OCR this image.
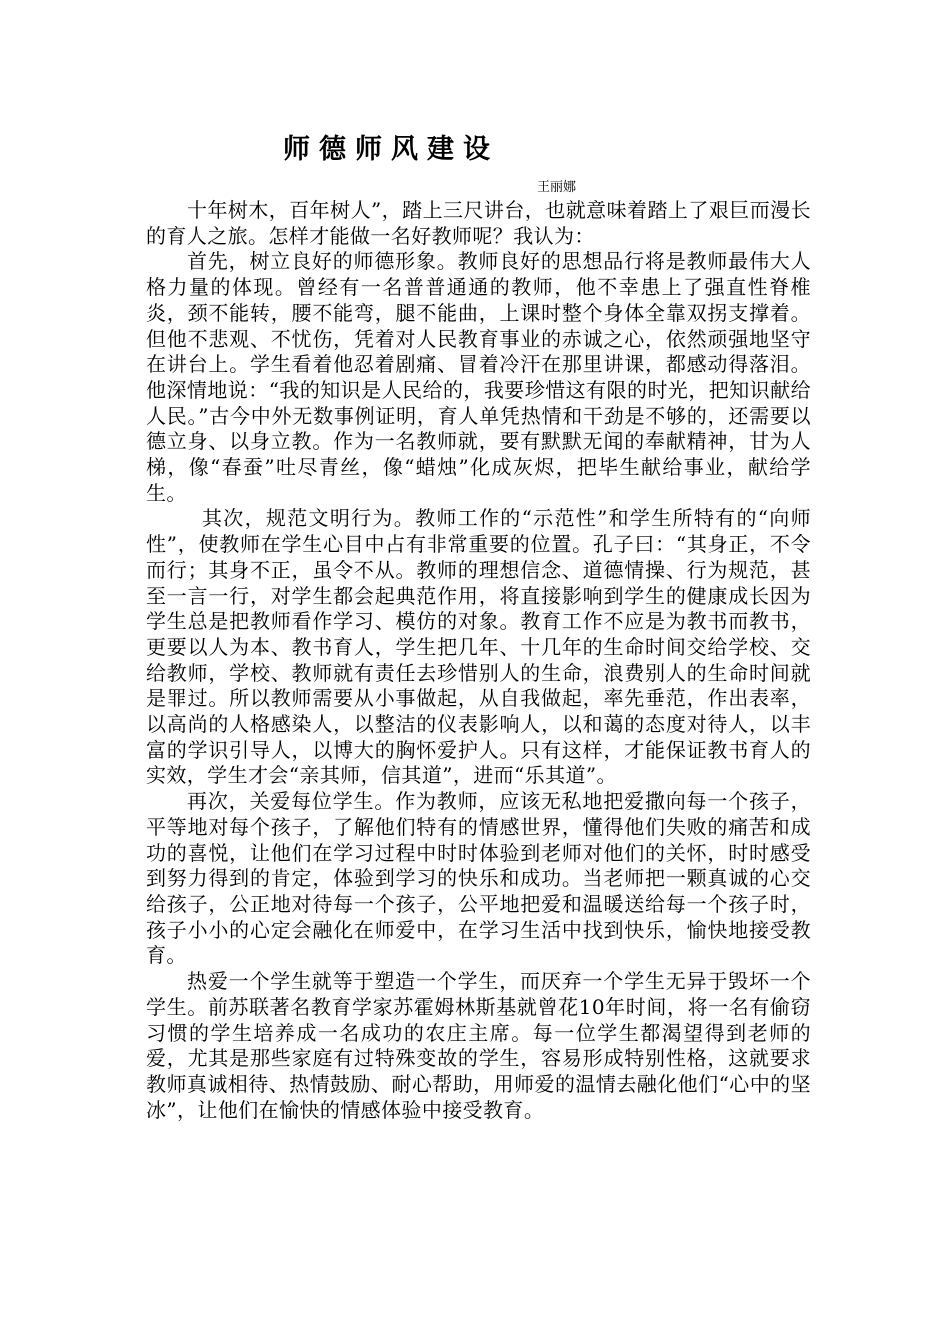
师德师风建设
王丽娜

十年树木，百年树人”，踏上三尺讲台，也就意味着踏上了艰巨而漫长的育人之旅。怎样才能做一名好教师呢？我认为：

首先，树立良好的师德形象。教师良好的思想品行将是教师最伟大人格力量的体现。曾经有一名普普通通的教师，他不幸患上了强直性脊椎炎，颈不能转，腰不能弯，腿不能曲，上课时整个身体全靠双拐支撑着。但他不悲观、不忧伤，凭着对人民教育事业的赤诚之心，依然顽强地坚守在讲台上。学生看着他忍着剧痛、冒着冷汗在那里讲课，都感动得落泪。他深情地说：“我的知识是人民给的，我要珍惜这有限的时光，把知识献给人民。”古今中外无数事例证明，育人单凭热情和干劲是不够的，还需要以德立身、以身立教。作为一名教师就，要有默默无闻的奉献精神，甘为人梯，像“春蚕”吐尽青丝，像“蜡烛”化成灰烬，把毕生献给事业，献给学生。

其次，规范文明行为。教师工作的“示范性”和学生所特有的“向师性”，使教师在学生心目中占有非常重要的位置。孔子曰：“其身正，不令而行；其身不正，虽令不从。教师的理想信念、道德情操、行为规范，甚至一言一行，对学生都会起典范作用，将直接影响到学生的健康成长因为学生总是把教师看作学习、模仿的对象。教育工作不应是为教书而教书，更要以人为本、教书育人，学生把几年、十几年的生命时间交给学校、交给教师，学校、教师就有责任去珍惜别人的生命，浪费别人的生命时间就是罪过。所以教师需要从小事做起，从自我做起，率先垂范，作出表率，以高尚的人格感染人，以整洁的仪表影响人，以和蔼的态度对待人，以丰富的学识引导人，以博大的胸怀爱护人。只有这样，才能保证教书育人的实效，学生才会“亲其师，信其道”，进而“乐其道”。

再次，关爱每位学生。作为教师，应该无私地把爱撒向每一个孩子，平等地对每个孩子，了解他们特有的情感世界，懂得他们失败的痛苦和成功的喜悦，让他们在学习过程中时时体验到老师对他们的关怀，时时感受到努力得到的肯定，体验到学习的快乐和成功。当老师把一颗真诚的心交给孩子，公正地对待每一个孩子，公平地把爱和温暖送给每一个孩子时，孩子小小的心定会融化在师爱中，在学习生活中找到快乐，愉快地接受教育。

热爱一个学生就等于塑造一个学生，而厌弃一个学生无异于毁坏一个学生。前苏联著名教育学家苏霍姆林斯基就曾花10年时间，将一名有偷窃习惯的学生培养成一名成功的农庄主席。每一位学生都渴望得到老师的爱，尤其是那些家庭有过特殊变故的学生，容易形成特别性格，这就要求教师真诚相待、热情鼓励、耐心帮助，用师爱的温情去融化他们“心中的坚冰”，让他们在愉快的情感体验中接受教育。
